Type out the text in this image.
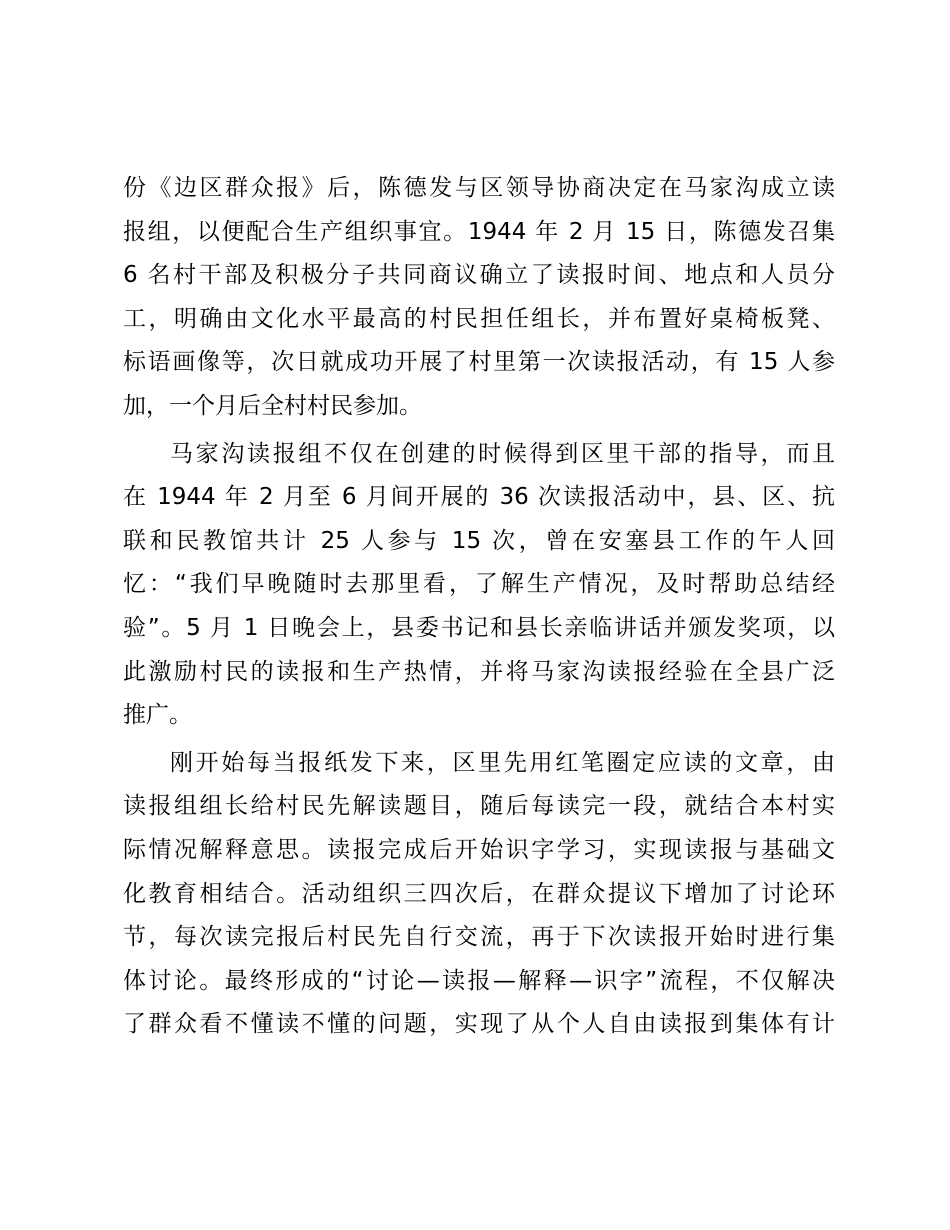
份《边区群众报》后，陈德发与区领导协商决定在马家沟成立读
报组，以便配合生产组织事宜。1944 年 2 月 15 日，陈德发召集
6 名村干部及积极分子共同商议确立了读报时间、地点和人员分
工，明确由文化水平最高的村民担任组长，并布置好桌椅板凳、
标语画像等，次日就成功开展了村里第一次读报活动，有 15 人参
加，一个月后全村村民参加。

马家沟读报组不仅在创建的时候得到区里干部的指导，而且
在 1944 年 2 月至 6 月间开展的 36 次读报活动中，县、区、抗
联和民教馆共计 25 人参与 15 次，曾在安塞县工作的午人回
忆：“我们早晚随时去那里看，了解生产情况，及时帮助总结经
验”。5 月 1 日晚会上，县委书记和县长亲临讲话并颁发奖项，以
此激励村民的读报和生产热情，并将马家沟读报经验在全县广泛
推广。

刚开始每当报纸发下来，区里先用红笔圈定应读的文章，由
读报组组长给村民先解读题目，随后每读完一段，就结合本村实
际情况解释意思。读报完成后开始识字学习，实现读报与基础文
化教育相结合。活动组织三四次后，在群众提议下增加了讨论环
节，每次读完报后村民先自行交流，再于下次读报开始时进行集
体讨论。最终形成的“讨论—读报—解释—识字”流程，不仅解决
了群众看不懂读不懂的问题，实现了从个人自由读报到集体有计
